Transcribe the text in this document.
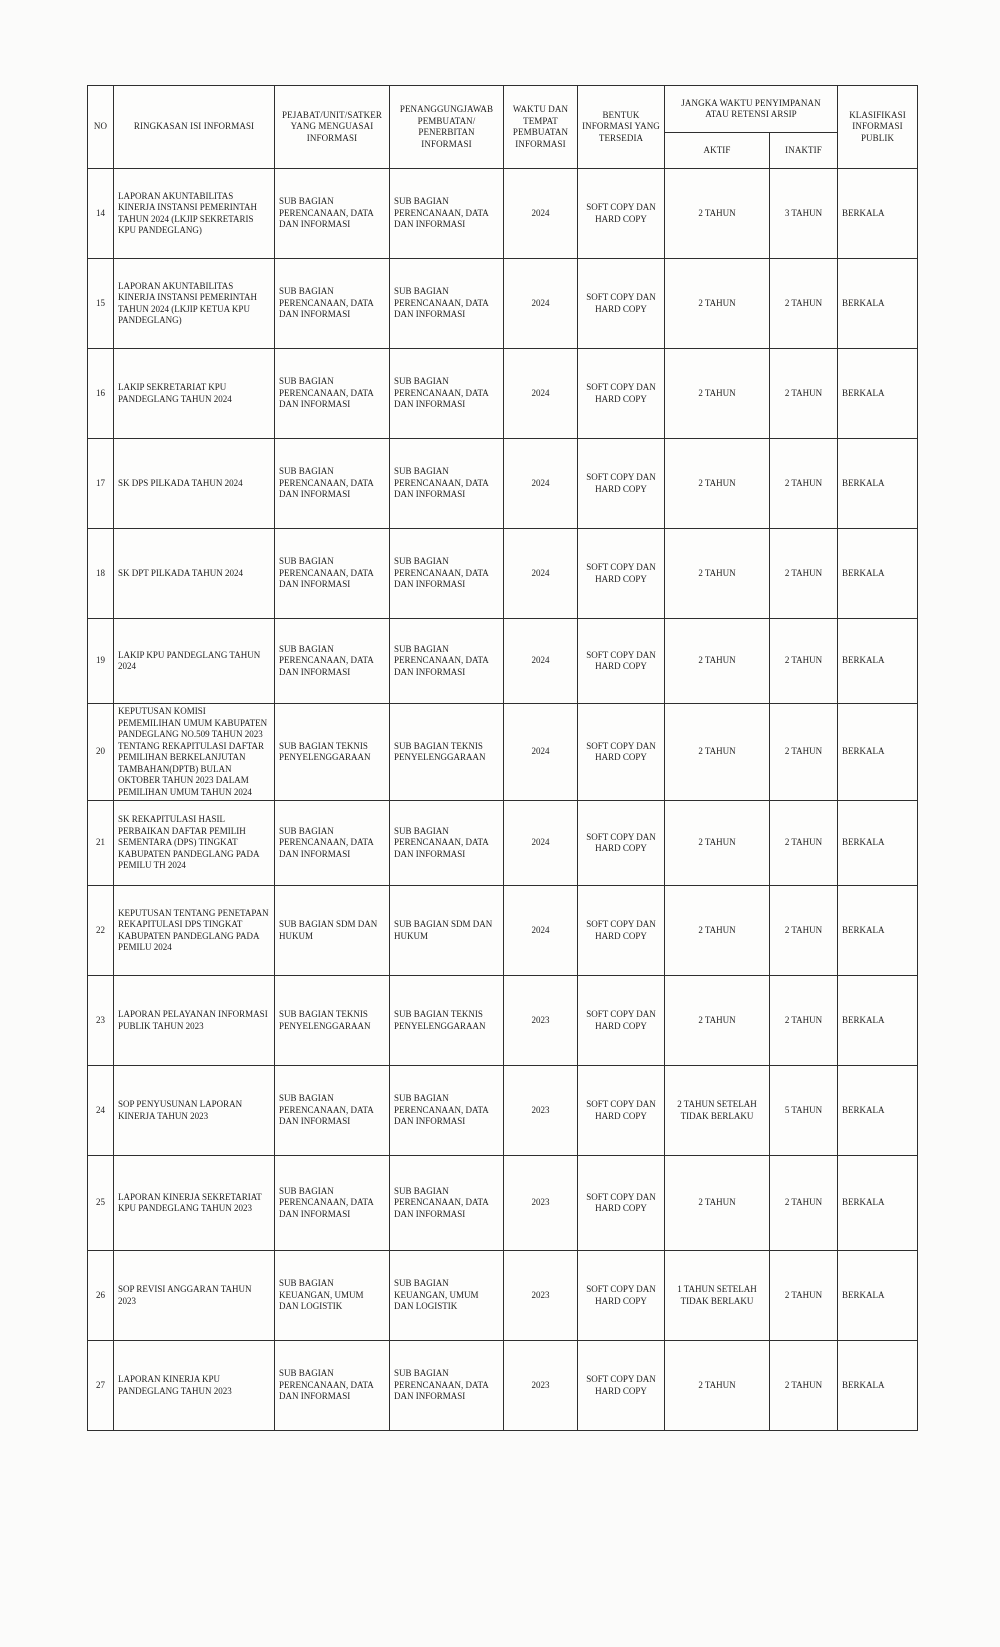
NO	RINGKASAN ISI INFORMASI	PEJABAT/UNIT/SATKER YANG MENGUASAI INFORMASI	PENANGGUNGJAWAB PEMBUATAN/ PENERBITAN INFORMASI	WAKTU DAN TEMPAT PEMBUATAN INFORMASI	BENTUK INFORMASI YANG TERSEDIA	JANGKA WAKTU PENYIMPANAN ATAU RETENSI ARSIP		KLASIFIKASI INFORMASI PUBLIK
						AKTIF	INAKTIF	
14	LAPORAN AKUNTABILITAS KINERJA INSTANSI PEMERINTAH TAHUN 2024 (LKJIP SEKRETARIS KPU PANDEGLANG)	SUB BAGIAN PERENCANAAN, DATA DAN INFORMASI	SUB BAGIAN PERENCANAAN, DATA DAN INFORMASI	2024	SOFT COPY DAN HARD COPY	2 TAHUN	3 TAHUN	BERKALA
15	LAPORAN AKUNTABILITAS KINERJA INSTANSI PEMERINTAH TAHUN 2024 (LKJIP KETUA KPU PANDEGLANG)	SUB BAGIAN PERENCANAAN, DATA DAN INFORMASI	SUB BAGIAN PERENCANAAN, DATA DAN INFORMASI	2024	SOFT COPY DAN HARD COPY	2 TAHUN	2 TAHUN	BERKALA
16	LAKIP SEKRETARIAT KPU PANDEGLANG TAHUN 2024	SUB BAGIAN PERENCANAAN, DATA DAN INFORMASI	SUB BAGIAN PERENCANAAN, DATA DAN INFORMASI	2024	SOFT COPY DAN HARD COPY	2 TAHUN	2 TAHUN	BERKALA
17	SK DPS PILKADA TAHUN 2024	SUB BAGIAN PERENCANAAN, DATA DAN INFORMASI	SUB BAGIAN PERENCANAAN, DATA DAN INFORMASI	2024	SOFT COPY DAN HARD COPY	2 TAHUN	2 TAHUN	BERKALA
18	SK DPT PILKADA TAHUN 2024	SUB BAGIAN PERENCANAAN, DATA DAN INFORMASI	SUB BAGIAN PERENCANAAN, DATA DAN INFORMASI	2024	SOFT COPY DAN HARD COPY	2 TAHUN	2 TAHUN	BERKALA
19	LAKIP KPU PANDEGLANG TAHUN 2024	SUB BAGIAN PERENCANAAN, DATA DAN INFORMASI	SUB BAGIAN PERENCANAAN, DATA DAN INFORMASI	2024	SOFT COPY DAN HARD COPY	2 TAHUN	2 TAHUN	BERKALA
20	KEPUTUSAN KOMISI PEMEMILIHAN UMUM KABUPATEN PANDEGLANG NO.509 TAHUN 2023 TENTANG REKAPITULASI DAFTAR PEMILIHAN BERKELANJUTAN TAMBAHAN(DPTB) BULAN OKTOBER TAHUN 2023 DALAM PEMILIHAN UMUM TAHUN 2024	SUB BAGIAN TEKNIS PENYELENGGARAAN	SUB BAGIAN TEKNIS PENYELENGGARAAN	2024	SOFT COPY DAN HARD COPY	2 TAHUN	2 TAHUN	BERKALA
21	SK REKAPITULASI HASIL PERBAIKAN DAFTAR PEMILIH SEMENTARA (DPS) TINGKAT KABUPATEN PANDEGLANG PADA PEMILU TH 2024	SUB BAGIAN PERENCANAAN, DATA DAN INFORMASI	SUB BAGIAN PERENCANAAN, DATA DAN INFORMASI	2024	SOFT COPY DAN HARD COPY	2 TAHUN	2 TAHUN	BERKALA
22	KEPUTUSAN TENTANG PENETAPAN REKAPITULASI DPS TINGKAT KABUPATEN PANDEGLANG PADA PEMILU 2024	SUB BAGIAN SDM DAN HUKUM	SUB BAGIAN SDM DAN HUKUM	2024	SOFT COPY DAN HARD COPY	2 TAHUN	2 TAHUN	BERKALA
23	LAPORAN PELAYANAN INFORMASI PUBLIK TAHUN 2023	SUB BAGIAN TEKNIS PENYELENGGARAAN	SUB BAGIAN TEKNIS PENYELENGGARAAN	2023	SOFT COPY DAN HARD COPY	2 TAHUN	2 TAHUN	BERKALA
24	SOP PENYUSUNAN LAPORAN KINERJA TAHUN 2023	SUB BAGIAN PERENCANAAN, DATA DAN INFORMASI	SUB BAGIAN PERENCANAAN, DATA DAN INFORMASI	2023	SOFT COPY DAN HARD COPY	2 TAHUN SETELAH TIDAK BERLAKU	5 TAHUN	BERKALA
25	LAPORAN KINERJA SEKRETARIAT KPU PANDEGLANG TAHUN 2023	SUB BAGIAN PERENCANAAN, DATA DAN INFORMASI	SUB BAGIAN PERENCANAAN, DATA DAN INFORMASI	2023	SOFT COPY DAN HARD COPY	2 TAHUN	2 TAHUN	BERKALA
26	SOP REVISI ANGGARAN TAHUN 2023	SUB BAGIAN KEUANGAN, UMUM DAN LOGISTIK	SUB BAGIAN KEUANGAN, UMUM DAN LOGISTIK	2023	SOFT COPY DAN HARD COPY	1 TAHUN SETELAH TIDAK BERLAKU	2 TAHUN	BERKALA
27	LAPORAN KINERJA KPU PANDEGLANG TAHUN 2023	SUB BAGIAN PERENCANAAN, DATA DAN INFORMASI	SUB BAGIAN PERENCANAAN, DATA DAN INFORMASI	2023	SOFT COPY DAN HARD COPY	2 TAHUN	2 TAHUN	BERKALA
